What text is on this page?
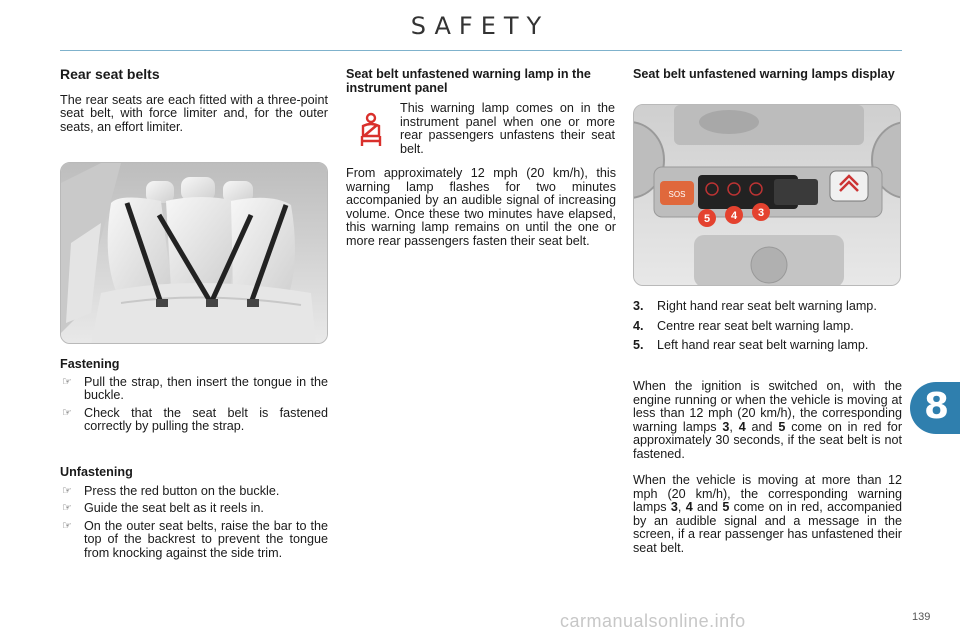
SAFETY
Rear seat belts

The rear seats are each fitted with a three-point seat belt, with force limiter and, for the outer seats, an effort limiter.

Fastening
☞ Pull the strap, then insert the tongue in the buckle.
☞ Check that the seat belt is fastened correctly by pulling the strap.
Unfastening
☞ Press the red button on the buckle.
☞ Guide the seat belt as it reels in.
☞ On the outer seat belts, raise the bar to the top of the backrest to prevent the tongue from knocking against the side trim.
Seat belt unfastened warning lamp in the instrument panel

This warning lamp comes on in the instrument panel when one or more rear passengers unfastens their seat belt.

From approximately 12 mph (20 km/h), this warning lamp flashes for two minutes accompanied by an audible signal of increasing volume. Once these two minutes have elapsed, this warning lamp remains on until the one or more rear passengers fasten their seat belt.

Seat belt unfastened warning lamps display
SOS
5 4 3
3. Right hand rear seat belt warning lamp.
4. Centre rear seat belt warning lamp.
5. Left hand rear seat belt warning lamp.

When the ignition is switched on, with the engine running or when the vehicle is moving at less than 12 mph (20 km/h), the corresponding warning lamps 3, 4 and 5 come on in red for approximately 30 seconds, if the seat belt is not fastened.

When the vehicle is moving at more than 12 mph (20 km/h), the corresponding warning lamps 3, 4 and 5 come on in red, accompanied by an audible signal and a message in the screen, if a rear passenger has unfastened their seat belt.

8
carmanualsonline.info	139
